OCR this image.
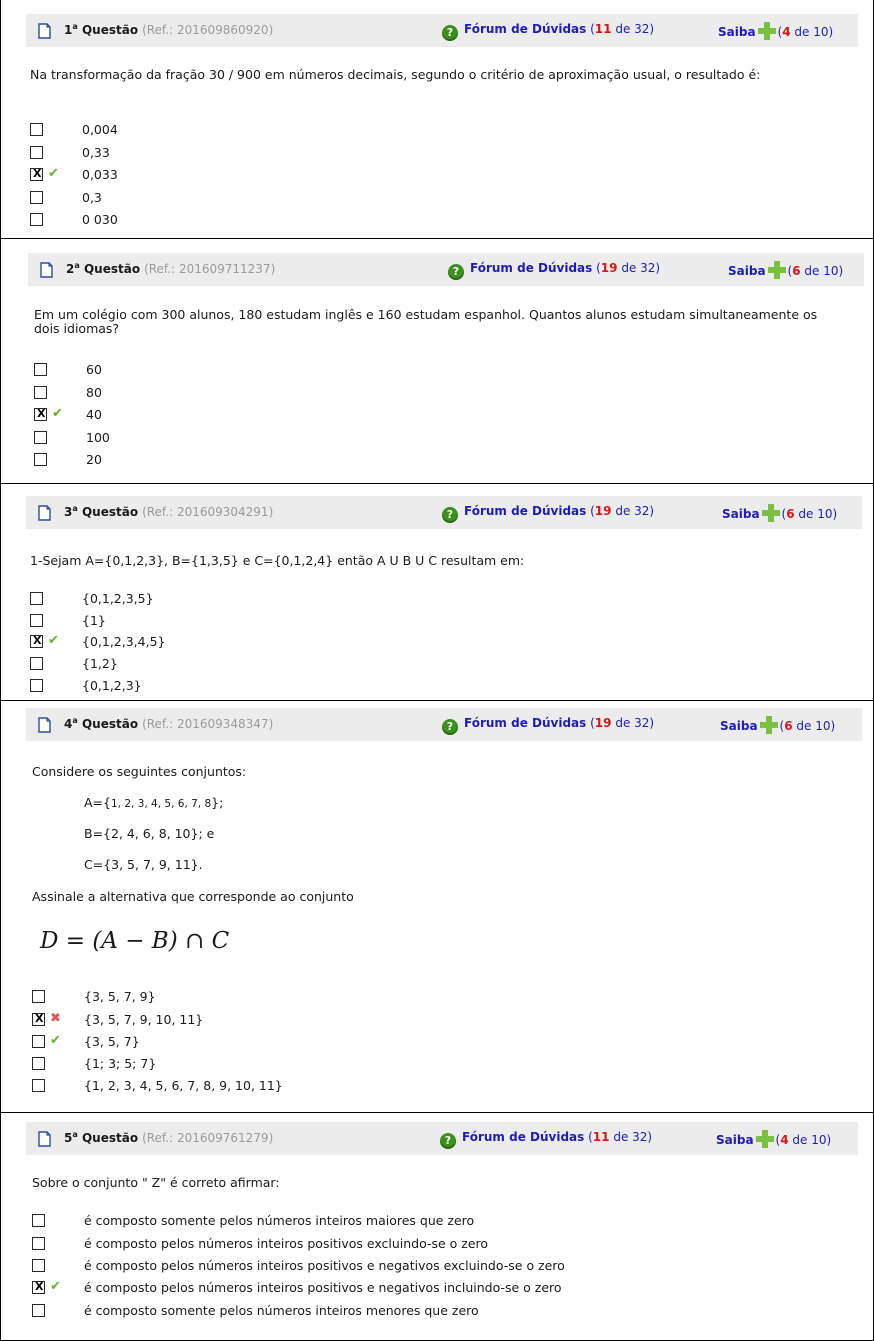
1$^a$ Questão (Ref.: 201609860920)	? Fórum de Dúvidas (11 de 32)	Saiba (4 de 10)
Na transformação da fração 30 / 900 em números decimais, segundo o critério de aproximação usual, o resultado é:
0,004
0,33
X
✔ 0,033
0,3
0 030
2$^a$ Questão (Ref.: 201609711237)	? Fórum de Dúvidas (19 de 32)	Saiba (6 de 10)
Em um colégio com 300 alunos, 180 estudam inglês e 160 estudam espanhol. Quantos alunos estudam simultaneamente os dois idiomas?
60
80
X
✔ 40
100
20
3$^a$ Questão (Ref.: 201609304291)	? Fórum de Dúvidas (19 de 32)	Saiba (6 de 10)
1-Sejam A={0,1,2,3}, B={1,3,5} e C={0,1,2,4} então A U B U C resultam em:
{0,1,2,3,5}
{1}
X
✔ {0,1,2,3,4,5}
{1,2}
{0,1,2,3}
4$^a$ Questão (Ref.: 201609348347)	? Fórum de Dúvidas (19 de 32)	Saiba (6 de 10)
Considere os seguintes conjuntos:
A={1, 2, 3, 4, 5, 6, 7, 8};
B={2, 4, 6, 8, 10}; e
C={3, 5, 7, 9, 11}.
Assinale a alternativa que corresponde ao conjunto
D = (A − B) ∩ C
{3, 5, 7, 9}
X
✖ {3, 5, 7, 9, 10, 11}
✔ {3, 5, 7}
{1; 3; 5; 7}
{1, 2, 3, 4, 5, 6, 7, 8, 9, 10, 11}
5$^a$ Questão (Ref.: 201609761279)	? Fórum de Dúvidas (11 de 32)	Saiba (4 de 10)
Sobre o conjunto " Z" é correto afirmar:
é composto somente pelos números inteiros maiores que zero
é composto pelos números inteiros positivos excluindo-se o zero
é composto pelos números inteiros positivos e negativos excluindo-se o zero
X
✔ é composto pelos números inteiros positivos e negativos incluindo-se o zero
é composto somente pelos números inteiros menores que zero
